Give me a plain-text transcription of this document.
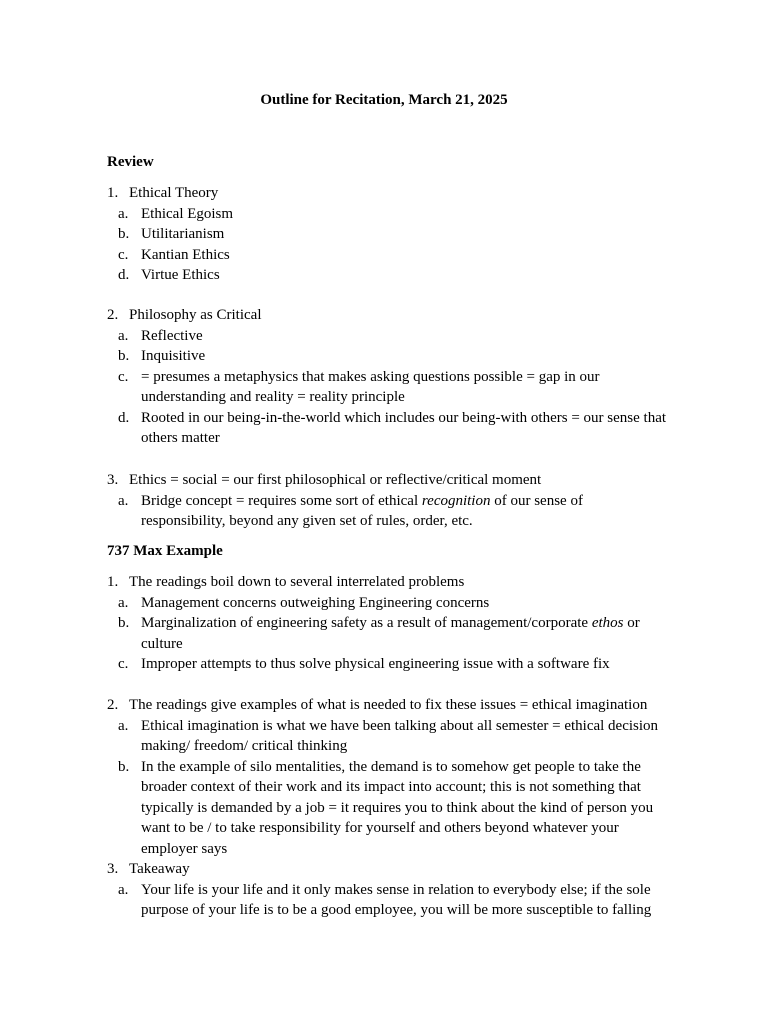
Outline for Recitation, March 21, 2025
Review
1. Ethical Theory
a. Ethical Egoism
b. Utilitarianism
c. Kantian Ethics
d. Virtue Ethics
2. Philosophy as Critical
a. Reflective
b. Inquisitive
c. = presumes a metaphysics that makes asking questions possible = gap in our understanding and reality = reality principle
d. Rooted in our being-in-the-world which includes our being-with others = our sense that others matter
3. Ethics = social = our first philosophical or reflective/critical moment
a. Bridge concept = requires some sort of ethical recognition of our sense of responsibility, beyond any given set of rules, order, etc.
737 Max Example
1. The readings boil down to several interrelated problems
a. Management concerns outweighing Engineering concerns
b. Marginalization of engineering safety as a result of management/corporate ethos or culture
c. Improper attempts to thus solve physical engineering issue with a software fix
2. The readings give examples of what is needed to fix these issues = ethical imagination
a. Ethical imagination is what we have been talking about all semester = ethical decision making/ freedom/ critical thinking
b. In the example of silo mentalities, the demand is to somehow get people to take the broader context of their work and its impact into account; this is not something that typically is demanded by a job = it requires you to think about the kind of person you want to be / to take responsibility for yourself and others beyond whatever your employer says
3. Takeaway
a. Your life is your life and it only makes sense in relation to everybody else; if the sole purpose of your life is to be a good employee, you will be more susceptible to falling
